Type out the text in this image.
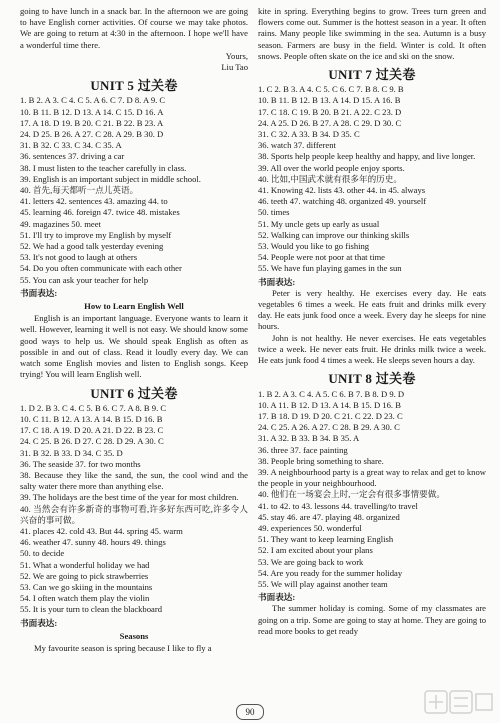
going to have lunch in a snack bar. In the afternoon we are going to have English corner activities. Of course we may take photos. We are going to return at 4:30 in the afternoon. I hope we'll have a wonderful time there.

Yours,

Liu Tao

UNIT 5 过关卷

1. B 2. A 3. C 4. C 5. A 6. C 7. D 8. A 9. C

10. B 11. B 12. D 13. A 14. C 15. D 16. A

17. A 18. D 19. B 20. C 21. B 22. B 23. A

24. D 25. B 26. A 27. C 28. A 29. B 30. D

31. B 32. C 33. C 34. C 35. A

36. sentences 37. driving a car

38. I must listen to the teacher carefully in class.

39. English is an important subject in middle school.

40. 首先,每天都听一点儿英语。

41. letters 42. sentences 43. amazing 44. to

45. learning 46. foreign 47. twice 48. mistakes

49. magazines 50. meet

51. I'll try to improve my English by myself

52. We had a good talk yesterday evening

53. It's not good to laugh at others

54. Do you often communicate with each other

55. You can ask your teacher for help

书面表达:

How to Learn English Well

English is an important language. Everyone wants to learn it well. However, learning it well is not easy. We should know some good ways to help us. We should speak English as often as possible in and out of class. Read it loudly every day. We can watch some English movies and listen to English songs. Keep trying! You will learn English well.

UNIT 6 过关卷

1. D 2. B 3. C 4. C 5. B 6. C 7. A 8. B 9. C

10. C 11. B 12. A 13. A 14. B 15. D 16. B

17. C 18. A 19. D 20. A 21. D 22. B 23. C

24. C 25. B 26. D 27. C 28. D 29. A 30. C

31. B 32. B 33. D 34. C 35. D

36. The seaside 37. for two months

38. Because they like the sand, the sun, the cool wind and the salty water there more than anything else.

39. The holidays are the best time of the year for most children.

40. 当然会有许多新奇的事物可看,许多好东西可吃,许多令人兴奋的事可做。

41. places 42. cold 43. But 44. spring 45. warm

46. weather 47. sunny 48. hours 49. things

50. to decide

51. What a wonderful holiday we had

52. We are going to pick strawberries

53. Can we go skiing in the mountains

54. I often watch them play the violin

55. It is your turn to clean the blackboard

书面表达:

Seasons

My favourite season is spring because I like to fly a

kite in spring. Everything begins to grow. Trees turn green and flowers come out. Summer is the hottest season in a year. It often rains. Many people like swimming in the sea. Autumn is a busy season. Farmers are busy in the field. Winter is cold. It often snows. People often skate on the ice and ski on the snow.

UNIT 7 过关卷

1. C 2. B 3. A 4. C 5. C 6. C 7. B 8. C 9. B

10. B 11. B 12. B 13. A 14. D 15. A 16. B

17. C 18. C 19. B 20. B 21. A 22. C 23. D

24. A 25. D 26. B 27. A 28. C 29. D 30. C

31. C 32. A 33. B 34. D 35. C

36. watch 37. different

38. Sports help people keep healthy and happy, and live longer.

39. All over the world people enjoy sports.

40. 比如,中国武术就有很多年的历史。

41. Knowing 42. lists 43. other 44. in 45. always

46. teeth 47. watching 48. organized 49. yourself

50. times

51. My uncle gets up early as usual

52. Walking can improve our thinking skills

53. Would you like to go fishing

54. People were not poor at that time

55. We have fun playing games in the sun

书面表达:

Peter is very healthy. He exercises every day. He eats vegetables 6 times a week. He eats fruit and drinks milk every day. He eats junk food once a week. Every day he sleeps for nine hours.

John is not healthy. He never exercises. He eats vegetables twice a week. He never eats fruit. He drinks milk twice a week. He eats junk food 4 times a week. He sleeps seven hours a day.

UNIT 8 过关卷

1. B 2. A 3. C 4. A 5. C 6. B 7. B 8. D 9. D

10. A 11. B 12. D 13. A 14. B 15. D 16. B

17. B 18. D 19. D 20. C 21. C 22. D 23. C

24. C 25. A 26. A 27. C 28. B 29. A 30. C

31. A 32. B 33. B 34. B 35. A

36. three 37. face painting

38. People bring something to share.

39. A neighbourhood party is a great way to relax and get to know the people in your neighbourhood.

40. 他们在一场宴会上时,一定会有很多事情要做。

41. to 42. to 43. lessons 44. travelling/to travel

45. stay 46. are 47. playing 48. organized

49. experiences 50. wonderful

51. They want to keep learning English

52. I am excited about your plans

53. We are going back to work

54. Are you ready for the summer holiday

55. We will play against another team

书面表达:

The summer holiday is coming. Some of my classmates are going on a trip. Some are going to stay at home. They are going to read more books to get ready

90
